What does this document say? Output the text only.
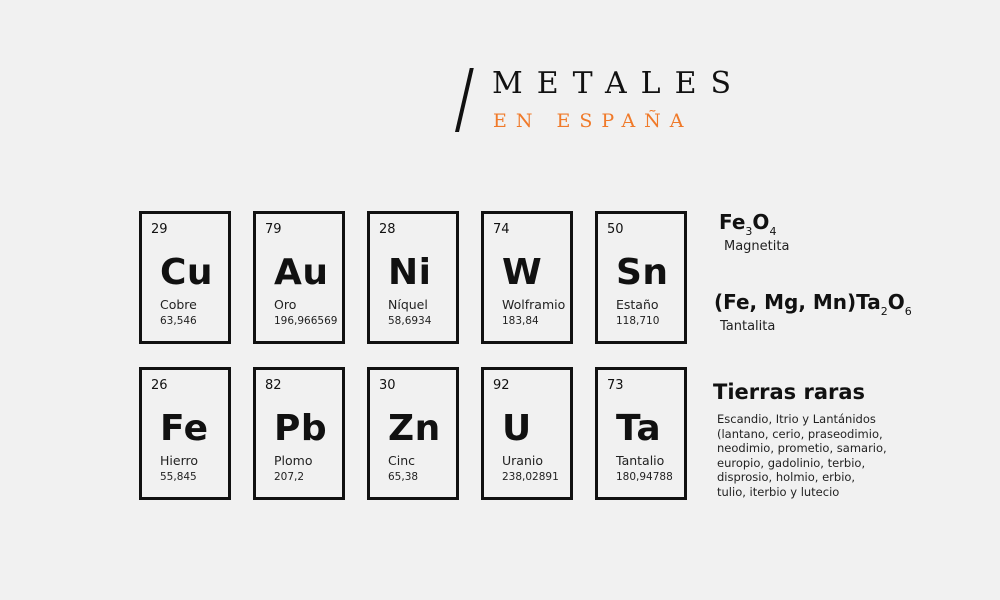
METALES
EN ESPAÑA
29
Cu
Cobre
63,546
79
Au
Oro
196,966569
28
Ni
Níquel
58,6934
74
W
Wolframio
183,84
50
Sn
Estaño
118,710
26
Fe
Hierro
55,845
82
Pb
Plomo
207,2
30
Zn
Cinc
65,38
92
U
Uranio
238,02891
73
Ta
Tantalio
180,94788
$Fe_3O_4$
Magnetita
(Fe, Mg, $Mn)Ta_2O_6$
Tantalita
Tierras raras
Escandio, Itrio y Lantánidos
(lantano, cerio, praseodimio,
neodimio, prometio, samario,
europio, gadolinio, terbio,
disprosio, holmio, erbio,
tulio, iterbio y lutecio
